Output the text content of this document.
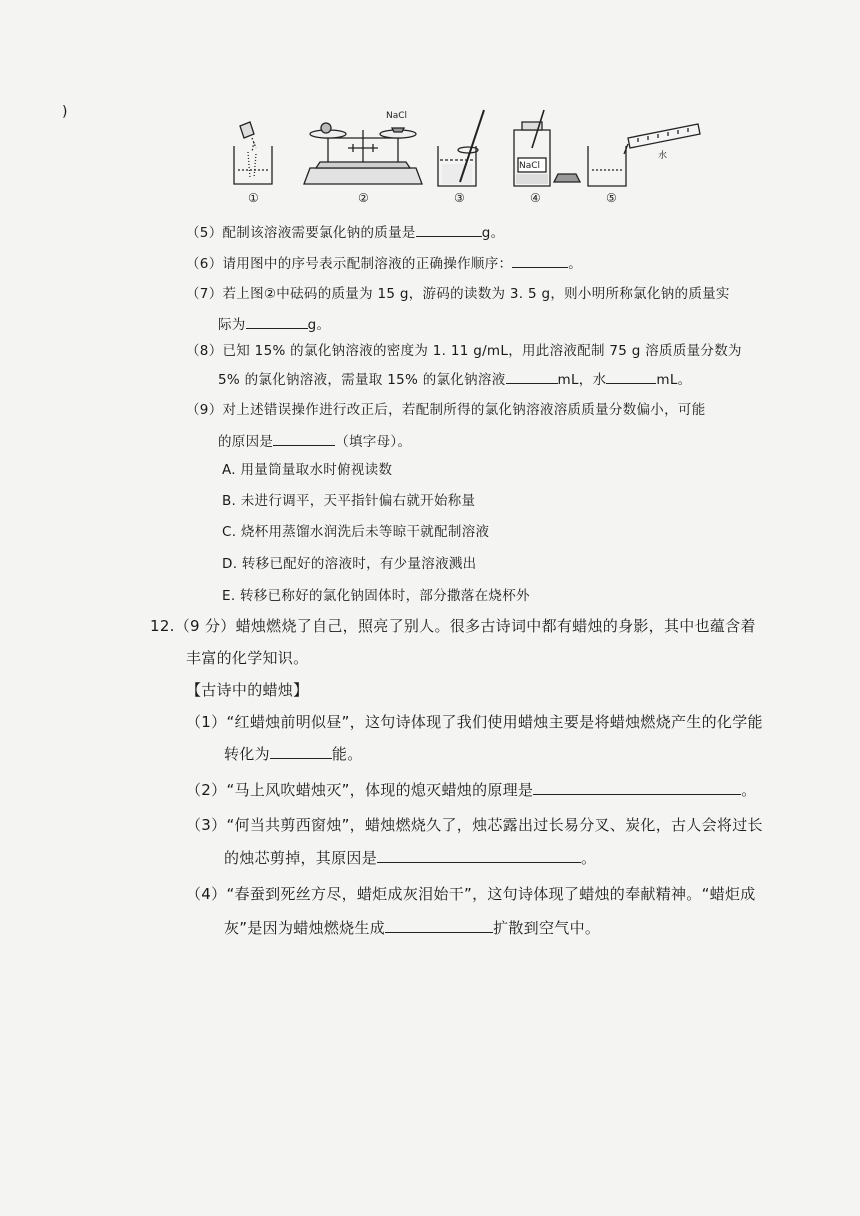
)	NaCl
NaCl
水
①	②	③	④	⑤
（5）配制该溶液需要氯化钠的质量是	g。
（6）请用图中的序号表示配制溶液的正确操作顺序：	。
（7）若上图②中砝码的质量为 15 g，游码的读数为 3. 5 g，则小明所称氯化钠的质量实
际为	g。
（8）已知 15% 的氯化钠溶液的密度为 1. 11 g/mL，用此溶液配制 75 g 溶质质量分数为
5% 的氯化钠溶液，需量取 15% 的氯化钠溶液	mL，水	mL。
（9）对上述错误操作进行改正后，若配制所得的氯化钠溶液溶质质量分数偏小，可能
的原因是	（填字母）。
A. 用量筒量取水时俯视读数
B. 未进行调平，天平指针偏右就开始称量
C. 烧杯用蒸馏水润洗后未等晾干就配制溶液
D. 转移已配好的溶液时，有少量溶液溅出
E. 转移已称好的氯化钠固体时，部分撒落在烧杯外
12.（9 分）蜡烛燃烧了自己，照亮了别人。很多古诗词中都有蜡烛的身影，其中也蕴含着
丰富的化学知识。
【古诗中的蜡烛】
（1）“红蜡烛前明似昼”，这句诗体现了我们使用蜡烛主要是将蜡烛燃烧产生的化学能
转化为	能。
（2）“马上风吹蜡烛灭”，体现的熄灭蜡烛的原理是	。
（3）“何当共剪西窗烛”，蜡烛燃烧久了，烛芯露出过长易分叉、炭化，古人会将过长
的烛芯剪掉，其原因是	。
（4）“春蚕到死丝方尽，蜡炬成灰泪始干”，这句诗体现了蜡烛的奉献精神。“蜡炬成
灰”是因为蜡烛燃烧生成	扩散到空气中。
